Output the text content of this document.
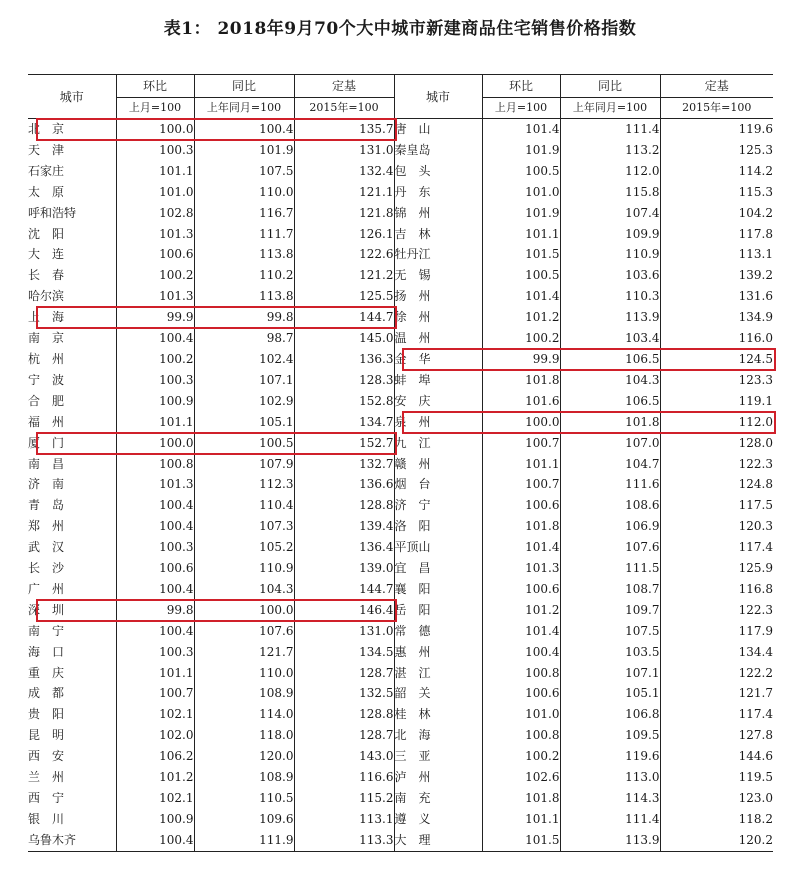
表1： 2018年9月70个大中城市新建商品住宅销售价格指数
城市	环比	同比	定基	城市	环比	同比	定基
	上月=100	上年同月=100	2015年=100		上月=100	上年同月=100	2015年=100
北　京	100.0	100.4	135.7	唐　山	101.4	111.4	119.6
天　津	100.3	101.9	131.0	秦皇岛	101.9	113.2	125.3
石家庄	101.1	107.5	132.4	包　头	100.5	112.0	114.2
太　原	101.0	110.0	121.1	丹　东	101.0	115.8	115.3
呼和浩特	102.8	116.7	121.8	锦　州	101.9	107.4	104.2
沈　阳	101.3	111.7	126.1	吉　林	101.1	109.9	117.8
大　连	100.6	113.8	122.6	牡丹江	101.5	110.9	113.1
长　春	100.2	110.2	121.2	无　锡	100.5	103.6	139.2
哈尔滨	101.3	113.8	125.5	扬　州	101.4	110.3	131.6
上　海	99.9	99.8	144.7	徐　州	101.2	113.9	134.9
南　京	100.4	98.7	145.0	温　州	100.2	103.4	116.0
杭　州	100.2	102.4	136.3	金　华	99.9	106.5	124.5
宁　波	100.3	107.1	128.3	蚌　埠	101.8	104.3	123.3
合　肥	100.9	102.9	152.8	安　庆	101.6	106.5	119.1
福　州	101.1	105.1	134.7	泉　州	100.0	101.8	112.0
厦　门	100.0	100.5	152.7	九　江	100.7	107.0	128.0
南　昌	100.8	107.9	132.7	赣　州	101.1	104.7	122.3
济　南	101.3	112.3	136.6	烟　台	100.7	111.6	124.8
青　岛	100.4	110.4	128.8	济　宁	100.6	108.6	117.5
郑　州	100.4	107.3	139.4	洛　阳	101.8	106.9	120.3
武　汉	100.3	105.2	136.4	平顶山	101.4	107.6	117.4
长　沙	100.6	110.9	139.0	宜　昌	101.3	111.5	125.9
广　州	100.4	104.3	144.7	襄　阳	100.6	108.7	116.8
深　圳	99.8	100.0	146.4	岳　阳	101.2	109.7	122.3
南　宁	100.4	107.6	131.0	常　德	101.4	107.5	117.9
海　口	100.3	121.7	134.5	惠　州	100.4	103.5	134.4
重　庆	101.1	110.0	128.7	湛　江	100.8	107.1	122.2
成　都	100.7	108.9	132.5	韶　关	100.6	105.1	121.7
贵　阳	102.1	114.0	128.8	桂　林	101.0	106.8	117.4
昆　明	102.0	118.0	128.7	北　海	100.8	109.5	127.8
西　安	106.2	120.0	143.0	三　亚	100.2	119.6	144.6
兰　州	101.2	108.9	116.6	泸　州	102.6	113.0	119.5
西　宁	102.1	110.5	115.2	南　充	101.8	114.3	123.0
银　川	100.9	109.6	113.1	遵　义	101.1	111.4	118.2
乌鲁木齐	100.4	111.9	113.3	大　理	101.5	113.9	120.2
